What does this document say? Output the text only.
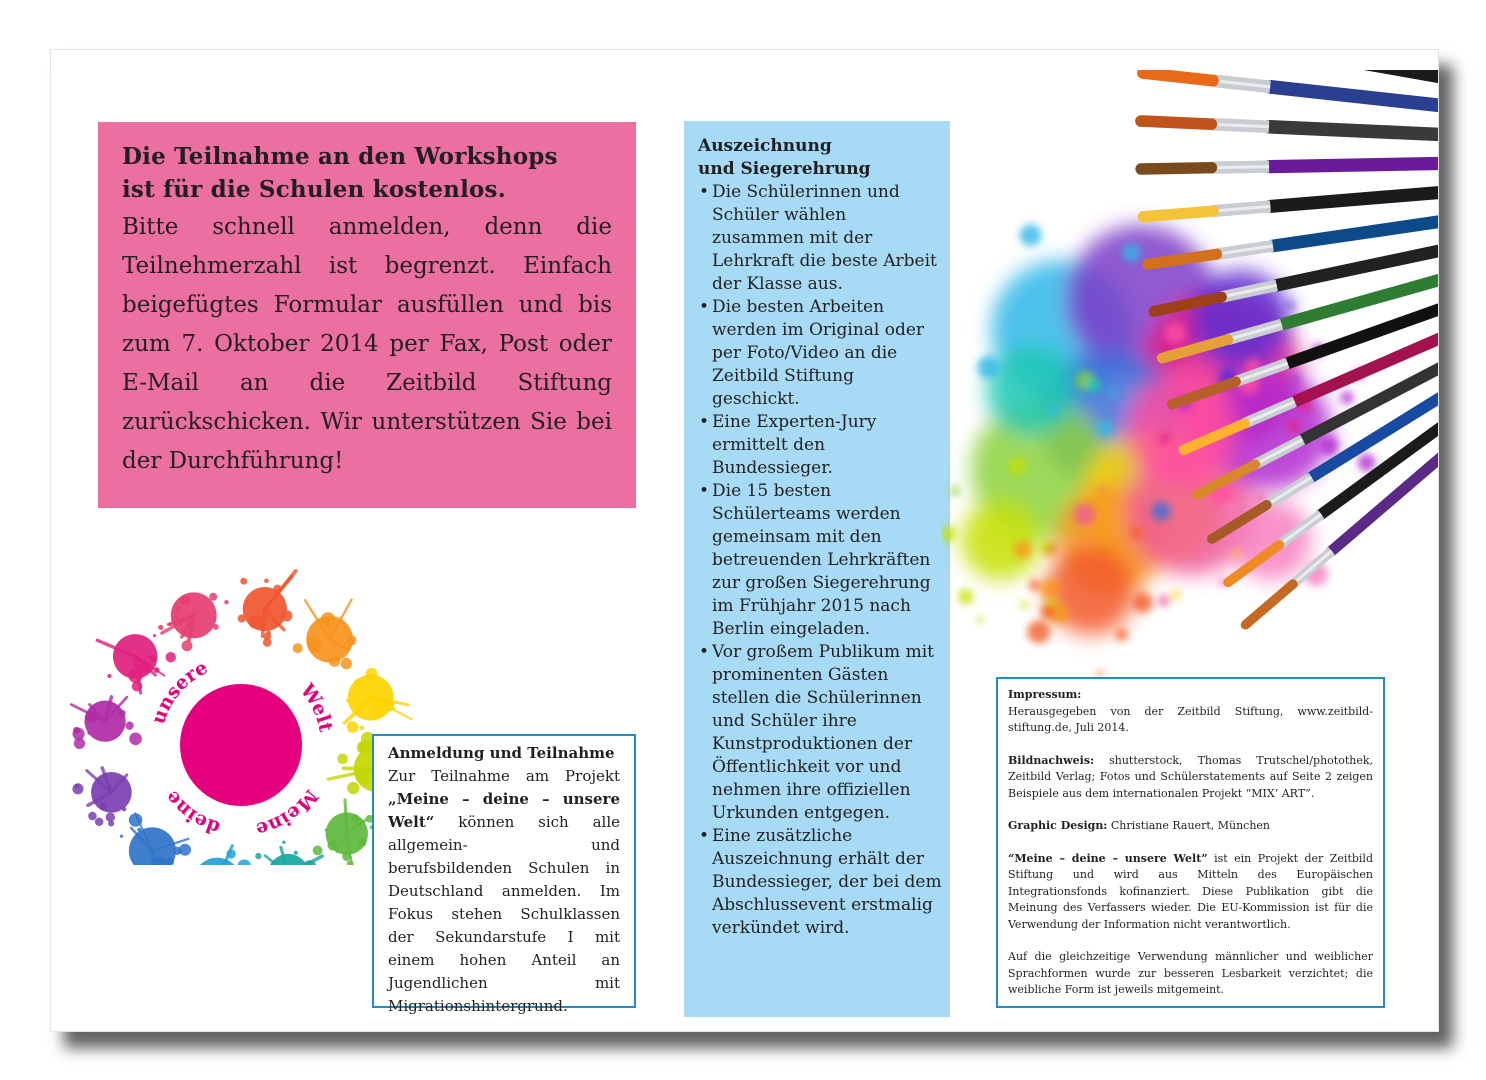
Die Teilnahme an den Workshops

ist für die Schulen kostenlos.

Bitte schnell anmelden, denn die Teilnehmerzahl ist begrenzt. Einfach beigefügtes Formular ausfüllen und bis zum 7. Oktober 2014 per Fax, Post oder E-Mail an die Zeitbild Stiftung zurückschicken. Wir unterstützen Sie bei der Durchführung!

Meine
deine
unsere
Welt

Anmeldung und Teilnahme

Zur Teilnahme am Projekt „Meine – deine – unsere Welt“ können sich alle allgemein- und berufsbildenden Schulen in Deutschland anmelden. Im Fokus stehen Schulklassen der Sekundarstufe I mit einem hohen Anteil an Jugendlichen mit Migrationshintergrund.

Auszeichnung

und Siegerehrung

• Die Schülerinnen und Schüler wählen zusammen mit der Lehrkraft die beste Arbeit der Klasse aus.
• Die besten Arbeiten werden im Original oder per Foto/Video an die Zeitbild Stiftung geschickt.
• Eine Experten-Jury ermittelt den Bundessieger.
• Die 15 besten Schülerteams werden gemeinsam mit den betreuenden Lehrkräften zur großen Siegerehrung im Frühjahr 2015 nach Berlin eingeladen.
• Vor großem Publikum mit prominenten Gästen stellen die Schülerinnen und Schüler ihre Kunstproduktionen der Öffentlichkeit vor und nehmen ihre offiziellen Urkunden entgegen.
• Eine zusätzliche Auszeichnung erhält der Bundessieger, der bei dem Abschlussevent erstmalig verkündet wird.

Impressum:
Herausgegeben von der Zeitbild Stiftung, www.zeitbild-stiftung.de, Juli 2014.

Bildnachweis: shutterstock, Thomas Trutschel/photothek, Zeitbild Verlag; Fotos und Schülerstatements auf Seite 2 zeigen Beispiele aus dem internationalen Projekt “MIX‘ ART”.

Graphic Design: Christiane Rauert, München

“Meine – deine – unsere Welt” ist ein Projekt der Zeitbild Stiftung und wird aus Mitteln des Europäischen Integrationsfonds kofinanziert. Diese Publikation gibt die Meinung des Verfassers wieder. Die EU-Kommission ist für die Verwendung der Information nicht verantwortlich.

Auf die gleichzeitige Verwendung männlicher und weiblicher Sprachformen wurde zur besseren Lesbarkeit verzichtet; die weibliche Form ist jeweils mitgemeint.
